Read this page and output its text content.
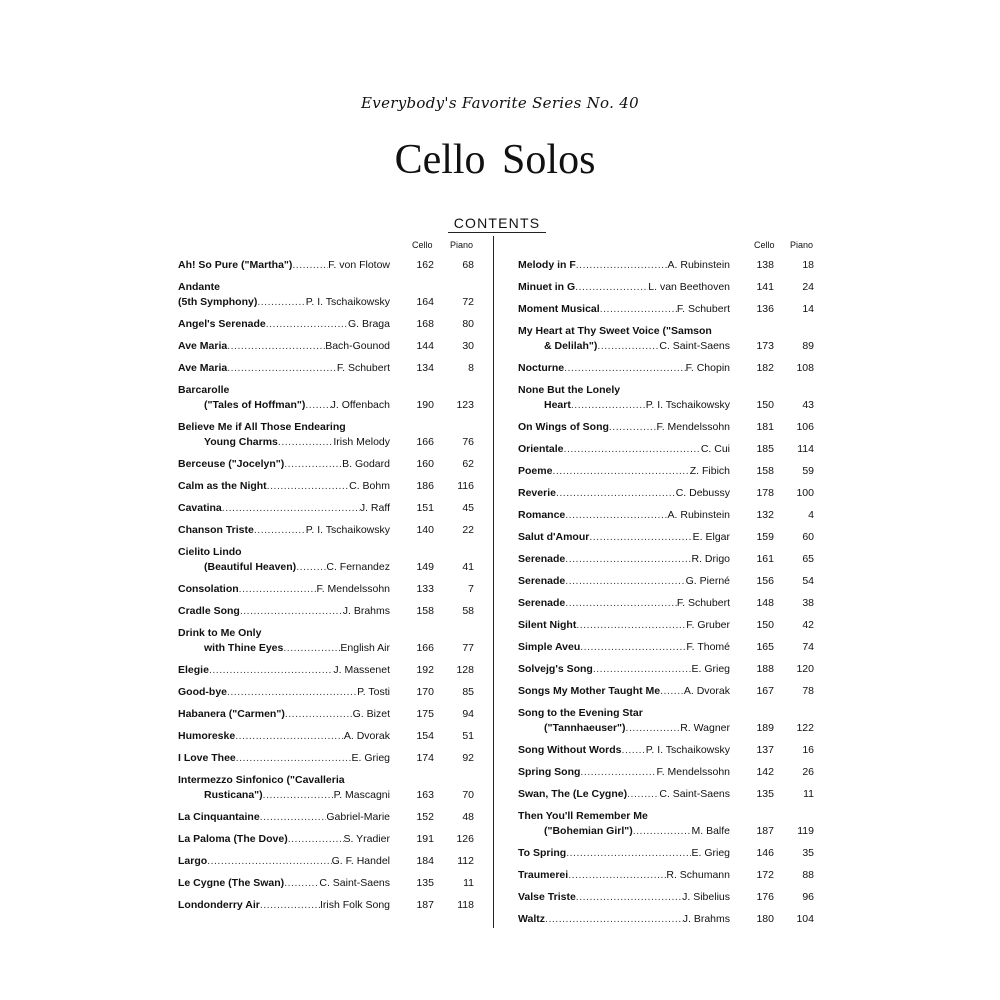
Everybody's Favorite Series No. 40
Cello Solos
CONTENTS
Cello	Piano
Ah! So Pure ("Martha") .....	F. von Flotow	162	68
Andante
(5th Symphony) .....	P. I. Tschaikowsky	164	72
Angel's Serenade .....	G. Braga	168	80
Ave Maria .....	Bach-Gounod	144	30
Ave Maria .....	F. Schubert	134	8
Barcarolle
("Tales of Hoffman") ..... J. Offenbach	190	123
Believe Me if All Those Endearing
Young Charms .....	Irish Melody	166	76
Berceuse ("Jocelyn") .....	B. Godard	160	62
Calm as the Night .....	C. Bohm	186	116
Cavatina .....	J. Raff	151	45
Chanson Triste .....	P. I. Tschaikowsky	140	22
Cielito Lindo
(Beautiful Heaven) .....	C. Fernandez	149	41
Consolation .....	F. Mendelssohn	133	7
Cradle Song .....	J. Brahms	158	58
Drink to Me Only
with Thine Eyes .....	English Air	166	77
Elegie .....	J. Massenet	192	128
Good-bye .....	P. Tosti	170	85
Habanera ("Carmen") .....	G. Bizet	175	94
Humoreske .....	A. Dvorak	154	51
I Love Thee .....	E. Grieg	174	92
Intermezzo Sinfonico ("Cavalleria
Rusticana") .....	P. Mascagni	163	70
La Cinquantaine .....	Gabriel-Marie	152	48
La Paloma (The Dove) .....	S. Yradier	191	126
Largo .....	G. F. Handel	184	112
Le Cygne (The Swan) .....	C. Saint-Saens	135	11
Londonderry Air .....	Irish Folk Song	187	118
Cello	Piano
Melody in F .....	A. Rubinstein	138	18
Minuet in G .....	L. van Beethoven	141	24
Moment Musical .....	F. Schubert	136	14
My Heart at Thy Sweet Voice ("Samson
& Delilah") .....	C. Saint-Saens	173	89
Nocturne .....	F. Chopin	182	108
None But the Lonely
Heart .....	P. I. Tschaikowsky	150	43
On Wings of Song .....	F. Mendelssohn	181	106
Orientale .....	C. Cui	185	114
Poeme .....	Z. Fibich	158	59
Reverie .....	C. Debussy	178	100
Romance .....	A. Rubinstein	132	4
Salut d'Amour .....	E. Elgar	159	60
Serenade .....	R. Drigo	161	65
Serenade .....	G. Pierné	156	54
Serenade .....	F. Schubert	148	38
Silent Night .....	F. Gruber	150	42
Simple Aveu .....	F. Thomé	165	74
Solvejg's Song .....	E. Grieg	188	120
Songs My Mother Taught Me ..... A. Dvorak	167	78
Song to the Evening Star
("Tannhaeuser") .....	R. Wagner	189	122
Song Without Words ..... P. I. Tschaikowsky	137	16
Spring Song .....	F. Mendelssohn	142	26
Swan, The (Le Cygne) .....	C. Saint-Saens	135	11
Then You'll Remember Me
("Bohemian Girl") .....	M. Balfe	187	119
To Spring .....	E. Grieg	146	35
Traumerei .....	R. Schumann	172	88
Valse Triste .....	J. Sibelius	176	96
Waltz .....	J. Brahms	180	104
